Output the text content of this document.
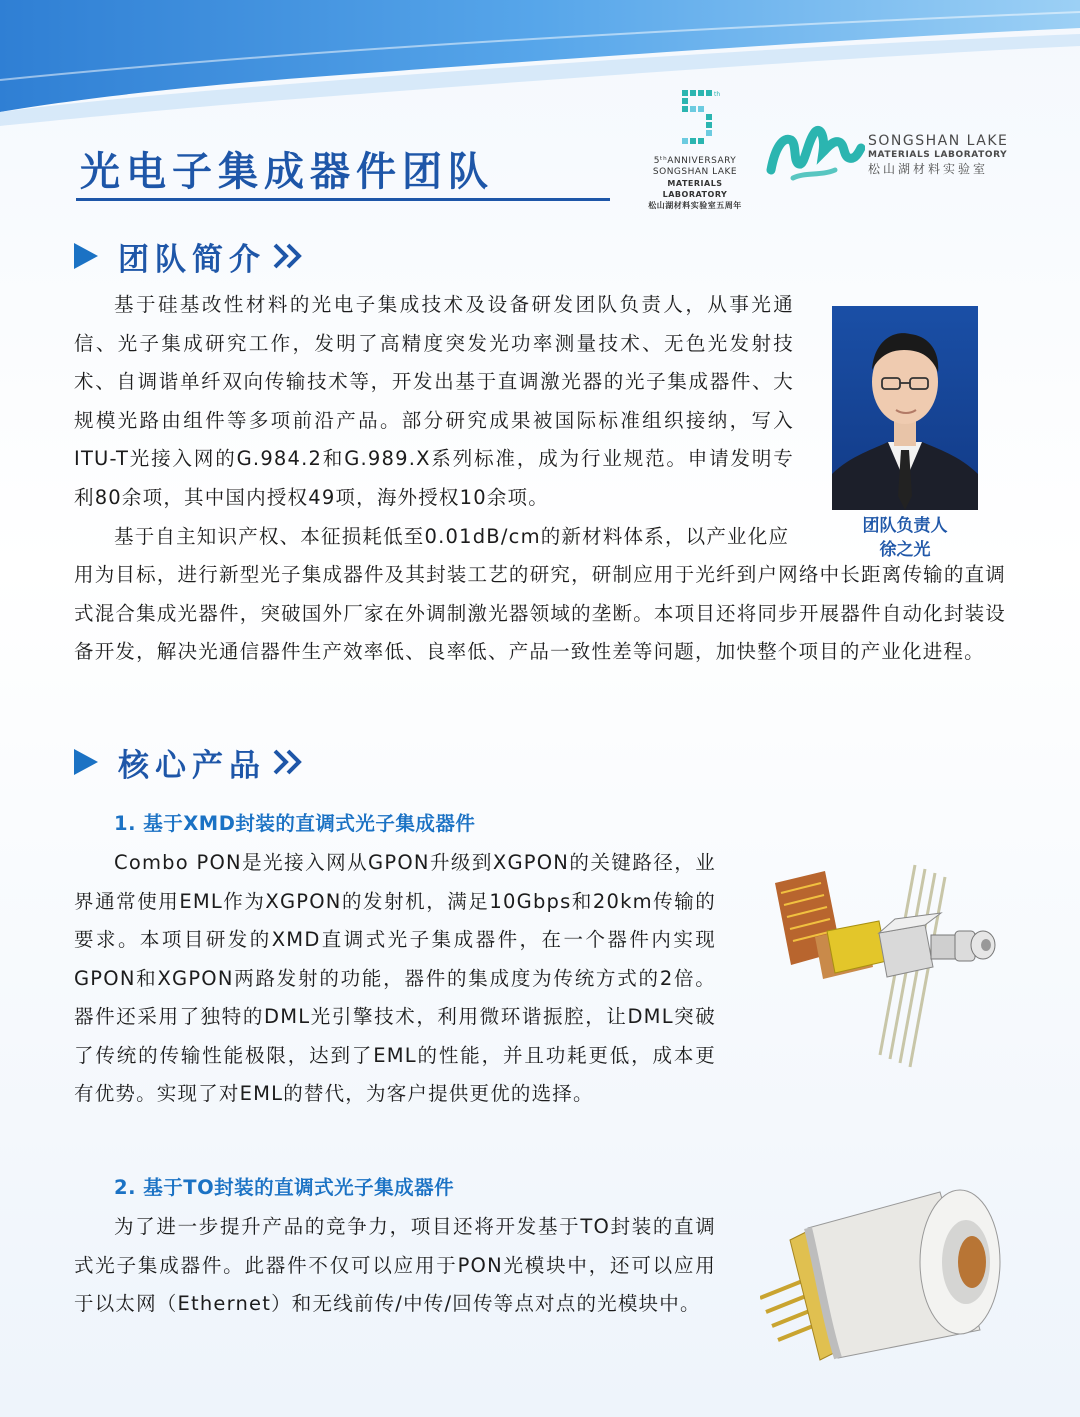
光电子集成器件团队
th
5ᵗʰANNIVERSARY
SONGSHAN LAKE
MATERIALS LABORATORY
松山湖材料实验室五周年
SONGSHAN LAKE
MATERIALS LABORATORY
松山湖材料实验室
团队简介

基于硅基改性材料的光电子集成技术及设备研发团队负责人，从事光通信、光子集成研究工作，发明了高精度突发光功率测量技术、无色光发射技术、自调谐单纤双向传输技术等，开发出基于直调激光器的光子集成器件、大规模光路由组件等多项前沿产品。部分研究成果被国际标准组织接纳，写入ITU-T光接入网的G.984.2和G.989.X系列标准，成为行业规范。申请发明专利80余项，其中国内授权49项，海外授权10余项。

团队负责人
徐之光

基于自主知识产权、本征损耗低至0.01dB/cm的新材料体系，以产业化应

用为目标，进行新型光子集成器件及其封装工艺的研究，研制应用于光纤到户网络中长距离传输的直调式混合集成光器件，突破国外厂家在外调制激光器领域的垄断。本项目还将同步开展器件自动化封装设备开发，解决光通信器件生产效率低、良率低、产品一致性差等问题，加快整个项目的产业化进程。

核心产品
1. 基于XMD封装的直调式光子集成器件

Combo PON是光接入网从GPON升级到XGPON的关键路径，业界通常使用EML作为XGPON的发射机，满足10Gbps和20km传输的要求。本项目研发的XMD直调式光子集成器件，在一个器件内实现GPON和XGPON两路发射的功能，器件的集成度为传统方式的2倍。器件还采用了独特的DML光引擎技术，利用微环谐振腔，让DML突破了传统的传输性能极限，达到了EML的性能，并且功耗更低，成本更有优势。实现了对EML的替代，为客户提供更优的选择。

2. 基于TO封装的直调式光子集成器件

为了进一步提升产品的竞争力，项目还将开发基于TO封装的直调式光子集成器件。此器件不仅可以应用于PON光模块中，还可以应用于以太网（Ethernet）和无线前传/中传/回传等点对点的光模块中。
